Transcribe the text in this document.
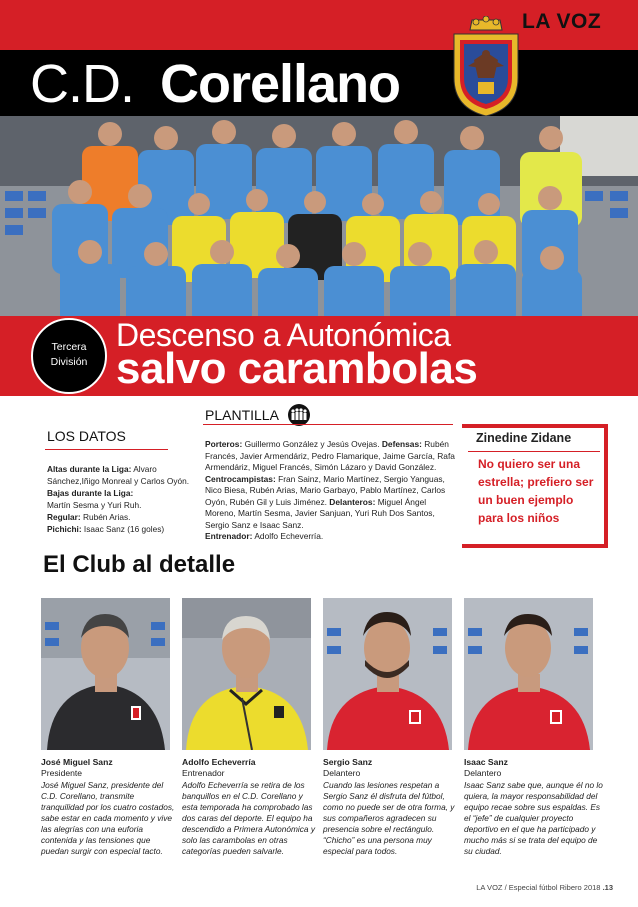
LA VOZ
C.D. Corellano
Tercera
División
Descenso a Autonómica
salvo carambolas
LOS DATOS
Altas durante la Liga: Alvaro Sánchez,Iñigo Monreal y Carlos Oyón.
Bajas durante la Liga:
Martín Sesma y Yuri Ruh.
Regular: Rubén Arias.
Pichichi: Isaac Sanz (16 goles)
PLANTILLA
Porteros: Guillermo González y Jesús Ovejas. Defensas: Rubén Francés, Javier Armendáriz, Pedro Flamarique, Jaime García, Rafa Armendáriz, Miguel Francés, Simón Lázaro y David González. Centrocampistas: Fran Sainz, Mario Martínez, Sergio Yanguas, Nico Biesa, Rubén Arias, Mario Garbayo, Pablo Martínez, Carlos Oyón, Rubén Gil y Luis Jiménez. Delanteros: Miguel Ángel Moreno, Martín Sesma, Javier Sanjuan, Yuri Ruh Dos Santos, Sergio Sanz e Isaac Sanz.
Entrenador: Adolfo Echeverría.
Zinedine Zidane
No quiero ser una estrella; prefiero ser un buen ejemplo para los niños
El Club al detalle
José Miguel Sanz
Presidente
José Miguel Sanz, presidente del C.D. Corellano, transmite tranquilidad por los cuatro costados, sabe estar en cada momento y vive las alegrías con una euforia contenida y las tensiones que puedan surgir con especial tacto.
Adolfo Echeverría
Entrenador
Adolfo Echeverría se retira de los banquillos en el C.D. Corellano y esta temporada ha comprobado las dos caras del deporte. El equipo ha descendido a Primera Autonómica y solo las carambolas en otras categorías pueden salvarle.
Sergio Sanz
Delantero
Cuando las lesiones respetan a Sergio Sanz él disfruta del fútbol, como no puede ser de otra forma, y sus compañeros agradecen su presencia sobre el rectángulo. “Chicho” es una persona muy especial para todos.
Isaac Sanz
Delantero
Isaac Sanz sabe que, aunque él no lo quiera, la mayor responsabilidad del equipo recae sobre sus espaldas. Es el “jefe” de cualquier proyecto deportivo en el que ha participado y mucho más si se trata del equipo de su ciudad.
LA VOZ / Especial fútbol Ribero 2018 .13
